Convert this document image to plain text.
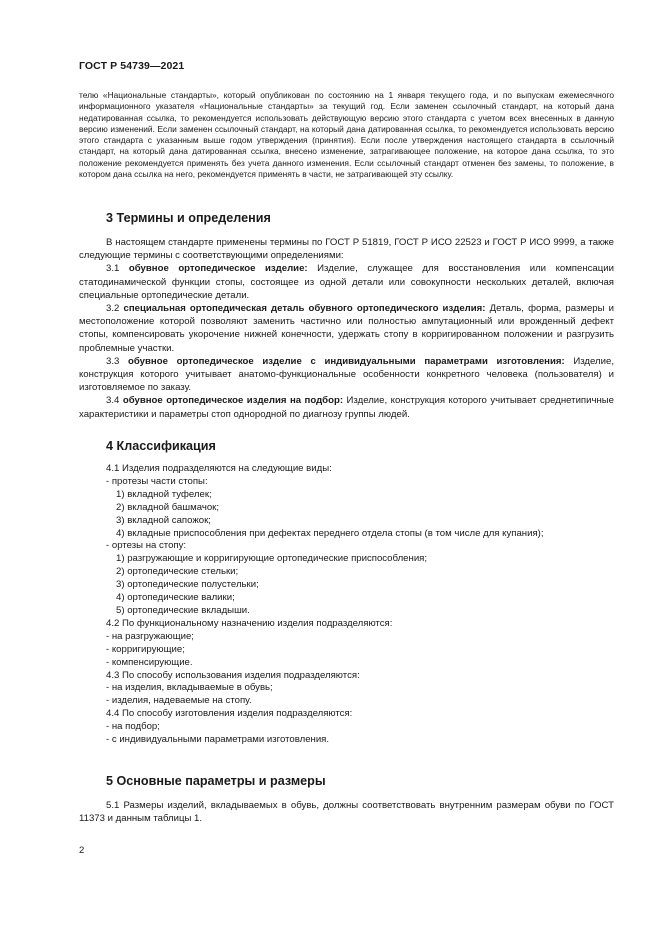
ГОСТ Р 54739—2021

телю «Национальные стандарты», который опубликован по состоянию на 1 января текущего года, и по выпускам ежемесячного информационного указателя «Национальные стандарты» за текущий год. Если заменен ссылочный стандарт, на который дана недатированная ссылка, то рекомендуется использовать действующую версию этого стандарта с учетом всех внесенных в данную версию изменений. Если заменен ссылочный стандарт, на который дана датированная ссылка, то рекомендуется использовать версию этого стандарта с указанным выше годом утверждения (принятия). Если после утверждения настоящего стандарта в ссылочный стандарт, на который дана датированная ссылка, внесено изменение, затрагивающее положение, на которое дана ссылка, то это положение рекомендуется применять без учета данного изменения. Если ссылочный стандарт отменен без замены, то положение, в котором дана ссылка на него, рекомендуется применять в части, не затрагивающей эту ссылку.

3 Термины и определения

В настоящем стандарте применены термины по ГОСТ Р 51819, ГОСТ Р ИСО 22523 и ГОСТ Р ИСО 9999, а также следующие термины с соответствующими определениями:

3.1 обувное ортопедическое изделие: Изделие, служащее для восстановления или компенсации статодинамической функции стопы, состоящее из одной детали или совокупности нескольких деталей, включая специальные ортопедические детали.

3.2 специальная ортопедическая деталь обувного ортопедического изделия: Деталь, форма, размеры и местоположение которой позволяют заменить частично или полностью ампутационный или врожденный дефект стопы, компенсировать укорочение нижней конечности, удержать стопу в корригированном положении и разгрузить проблемные участки.

3.3 обувное ортопедическое изделие с индивидуальными параметрами изготовления: Изделие, конструкция которого учитывает анатомо-функциональные особенности конкретного человека (пользователя) и изготовляемое по заказу.

3.4 обувное ортопедическое изделия на подбор: Изделие, конструкция которого учитывает среднетипичные характеристики и параметры стоп однородной по диагнозу группы людей.

4 Классификация
4.1 Изделия подразделяются на следующие виды:
- протезы части стопы:
1) вкладной туфелек;
2) вкладной башмачок;
3) вкладной сапожок;
4) вкладные приспособления при дефектах переднего отдела стопы (в том числе для купания);
- ортезы на стопу:
1) разгружающие и корригирующие ортопедические приспособления;
2) ортопедические стельки;
3) ортопедические полустельки;
4) ортопедические валики;
5) ортопедические вкладыши.
4.2 По функциональному назначению изделия подразделяются:
- на разгружающие;
- корригирующие;
- компенсирующие.
4.3 По способу использования изделия подразделяются:
- на изделия, вкладываемые в обувь;
- изделия, надеваемые на стопу.
4.4 По способу изготовления изделия подразделяются:
- на подбор;
- с индивидуальными параметрами изготовления.
5 Основные параметры и размеры

5.1 Размеры изделий, вкладываемых в обувь, должны соответствовать внутренним размерам обуви по ГОСТ 11373 и данным таблицы 1.

2
